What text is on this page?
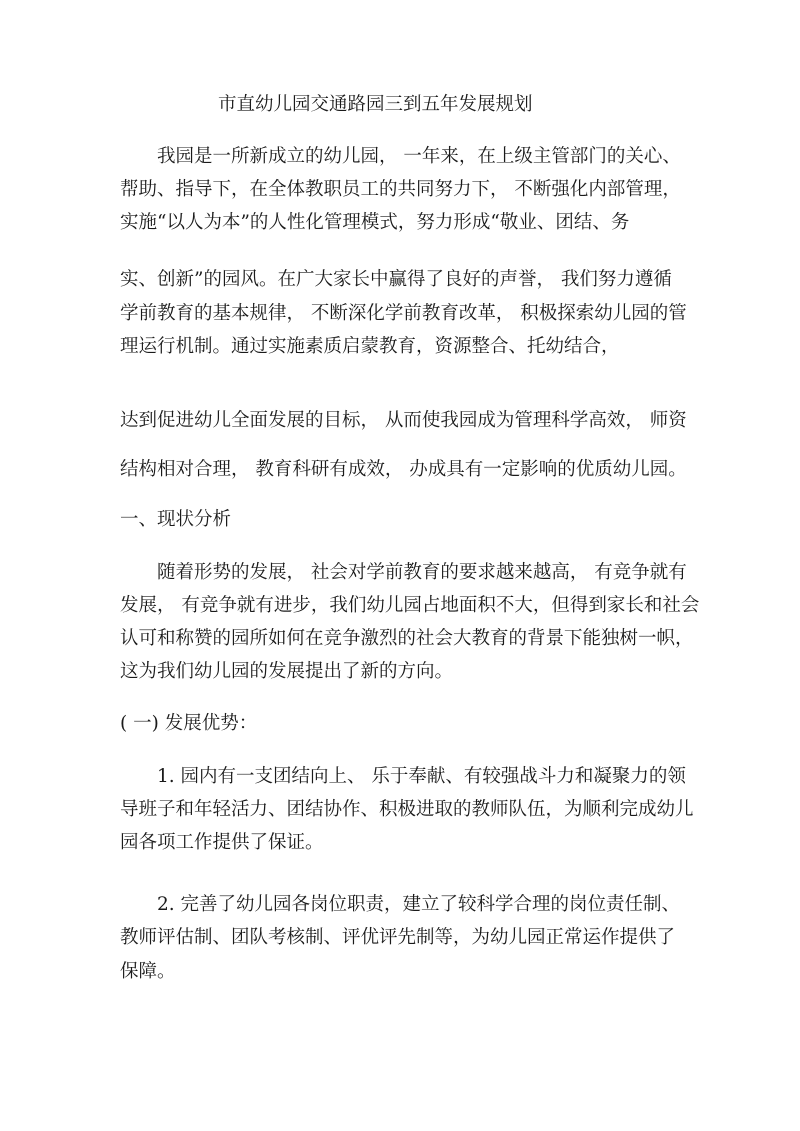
市直幼儿园交通路园三到五年发展规划
我园是一所新成立的幼儿园， 一年来，在上级主管部门的关心、
帮助、指导下，在全体教职员工的共同努力下， 不断强化内部管理，
实施“以人为本”的人性化管理模式，努力形成“敬业、团结、务
实、创新”的园风。在广大家长中赢得了良好的声誉， 我们努力遵循
学前教育的基本规律， 不断深化学前教育改革， 积极探索幼儿园的管
理运行机制。通过实施素质启蒙教育，资源整合、托幼结合，
达到促进幼儿全面发展的目标， 从而使我园成为管理科学高效， 师资
结构相对合理， 教育科研有成效， 办成具有一定影响的优质幼儿园。
一、现状分析
随着形势的发展， 社会对学前教育的要求越来越高， 有竞争就有
发展， 有竞争就有进步，我们幼儿园占地面积不大，但得到家长和社会
认可和称赞的园所如何在竞争激烈的社会大教育的背景下能独树一帜，
这为我们幼儿园的发展提出了新的方向。
( 一) 发展优势：
1. 园内有一支团结向上、 乐于奉献、有较强战斗力和凝聚力的领
导班子和年轻活力、团结协作、积极进取的教师队伍，为顺利完成幼儿
园各项工作提供了保证。
2. 完善了幼儿园各岗位职责，建立了较科学合理的岗位责任制、
教师评估制、团队考核制、评优评先制等，为幼儿园正常运作提供了
保障。
